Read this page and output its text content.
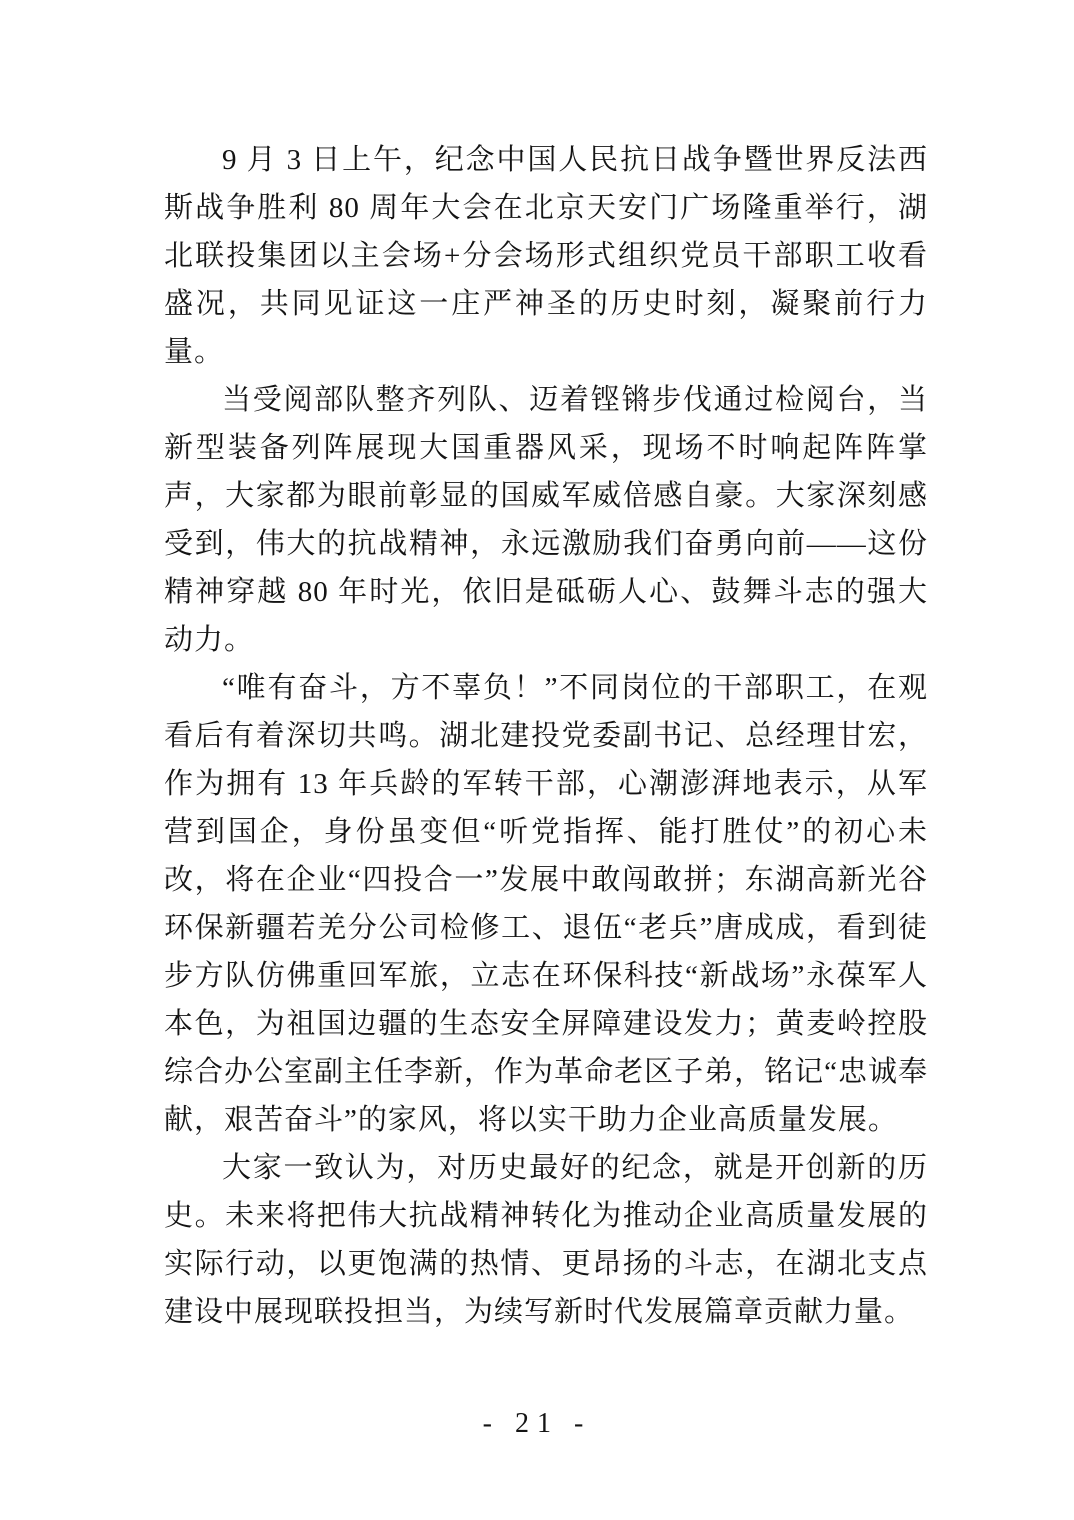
9 月 3 日上午，纪念中国人民抗日战争暨世界反法西斯战争胜利 80 周年大会在北京天安门广场隆重举行，湖北联投集团以主会场+分会场形式组织党员干部职工收看盛况，共同见证这一庄严神圣的历史时刻，凝聚前行力量。

当受阅部队整齐列队、迈着铿锵步伐通过检阅台，当新型装备列阵展现大国重器风采，现场不时响起阵阵掌声，大家都为眼前彰显的国威军威倍感自豪。大家深刻感受到，伟大的抗战精神，永远激励我们奋勇向前——这份精神穿越 80 年时光，依旧是砥砺人心、鼓舞斗志的强大动力。

“唯有奋斗，方不辜负！”不同岗位的干部职工，在观看后有着深切共鸣。湖北建投党委副书记、总经理甘宏，作为拥有 13 年兵龄的军转干部，心潮澎湃地表示，从军营到国企，身份虽变但“听党指挥、能打胜仗”的初心未改，将在企业“四投合一”发展中敢闯敢拼；东湖高新光谷环保新疆若羌分公司检修工、退伍“老兵”唐成成，看到徒步方队仿佛重回军旅，立志在环保科技“新战场”永葆军人本色，为祖国边疆的生态安全屏障建设发力；黄麦岭控股综合办公室副主任李新，作为革命老区子弟，铭记“忠诚奉献，艰苦奋斗”的家风，将以实干助力企业高质量发展。

大家一致认为，对历史最好的纪念，就是开创新的历史。未来将把伟大抗战精神转化为推动企业高质量发展的实际行动，以更饱满的热情、更昂扬的斗志，在湖北支点建设中展现联投担当，为续写新时代发展篇章贡献力量。

- 21 -
